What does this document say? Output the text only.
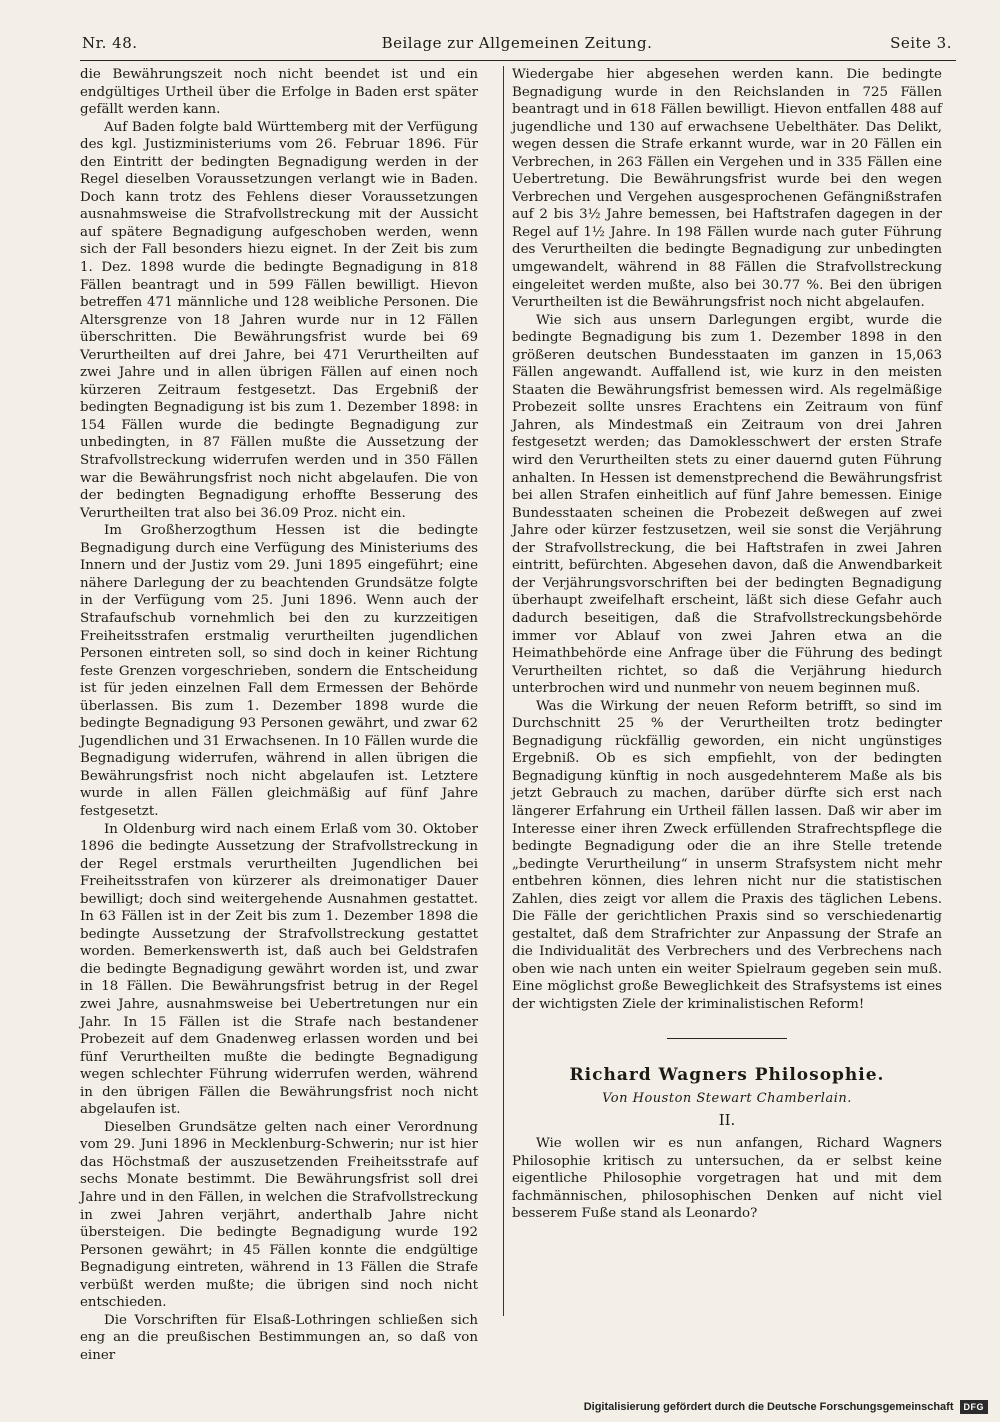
Nr. 48.	Beilage zur Allgemeinen Zeitung.	Seite 3.

die Bewährungszeit noch nicht beendet ist und ein endgültiges Urtheil über die Erfolge in Baden erst später gefällt werden kann.

Auf Baden folgte bald Württemberg mit der Verfügung des kgl. Justizministeriums vom 26. Februar 1896. Für den Eintritt der bedingten Begnadigung werden in der Regel dieselben Voraussetzungen verlangt wie in Baden. Doch kann trotz des Fehlens dieser Voraussetzungen ausnahmsweise die Strafvollstreckung mit der Aussicht auf spätere Begnadigung aufgeschoben werden, wenn sich der Fall besonders hiezu eignet. In der Zeit bis zum 1. Dez. 1898 wurde die bedingte Begnadigung in 818 Fällen beantragt und in 599 Fällen bewilligt. Hievon betreffen 471 männliche und 128 weibliche Personen. Die Altersgrenze von 18 Jahren wurde nur in 12 Fällen überschritten. Die Bewährungsfrist wurde bei 69 Verurtheilten auf drei Jahre, bei 471 Verurtheilten auf zwei Jahre und in allen übrigen Fällen auf einen noch kürzeren Zeitraum festgesetzt. Das Ergebniß der bedingten Begnadigung ist bis zum 1. Dezember 1898: in 154 Fällen wurde die bedingte Begnadigung zur unbedingten, in 87 Fällen mußte die Aussetzung der Strafvollstreckung widerrufen werden und in 350 Fällen war die Bewährungsfrist noch nicht abgelaufen. Die von der bedingten Begnadigung erhoffte Besserung des Verurtheilten trat also bei 36.09 Proz. nicht ein.

Im Großherzogthum Hessen ist die bedingte Begnadigung durch eine Verfügung des Ministeriums des Innern und der Justiz vom 29. Juni 1895 eingeführt; eine nähere Darlegung der zu beachtenden Grundsätze folgte in der Verfügung vom 25. Juni 1896. Wenn auch der Strafaufschub vornehmlich bei den zu kurzzeitigen Freiheitsstrafen erstmalig verurtheilten jugendlichen Personen eintreten soll, so sind doch in keiner Richtung feste Grenzen vorgeschrieben, sondern die Entscheidung ist für jeden einzelnen Fall dem Ermessen der Behörde überlassen. Bis zum 1. Dezember 1898 wurde die bedingte Begnadigung 93 Personen gewährt, und zwar 62 Jugendlichen und 31 Erwachsenen. In 10 Fällen wurde die Begnadigung widerrufen, während in allen übrigen die Bewährungsfrist noch nicht abgelaufen ist. Letztere wurde in allen Fällen gleichmäßig auf fünf Jahre festgesetzt.

In Oldenburg wird nach einem Erlaß vom 30. Oktober 1896 die bedingte Aussetzung der Strafvollstreckung in der Regel erstmals verurtheilten Jugendlichen bei Freiheitsstrafen von kürzerer als dreimonatiger Dauer bewilligt; doch sind weitergehende Ausnahmen gestattet. In 63 Fällen ist in der Zeit bis zum 1. Dezember 1898 die bedingte Aussetzung der Strafvollstreckung gestattet worden. Bemerkenswerth ist, daß auch bei Geldstrafen die bedingte Begnadigung gewährt worden ist, und zwar in 18 Fällen. Die Bewährungsfrist betrug in der Regel zwei Jahre, ausnahmsweise bei Uebertretungen nur ein Jahr. In 15 Fällen ist die Strafe nach bestandener Probezeit auf dem Gnadenweg erlassen worden und bei fünf Verurtheilten mußte die bedingte Begnadigung wegen schlechter Führung widerrufen werden, während in den übrigen Fällen die Bewährungsfrist noch nicht abgelaufen ist.

Dieselben Grundsätze gelten nach einer Verordnung vom 29. Juni 1896 in Mecklenburg-Schwerin; nur ist hier das Höchstmaß der auszusetzenden Freiheitsstrafe auf sechs Monate bestimmt. Die Bewährungsfrist soll drei Jahre und in den Fällen, in welchen die Strafvollstreckung in zwei Jahren verjährt, anderthalb Jahre nicht übersteigen. Die bedingte Begnadigung wurde 192 Personen gewährt; in 45 Fällen konnte die endgültige Begnadigung eintreten, während in 13 Fällen die Strafe verbüßt werden mußte; die übrigen sind noch nicht entschieden.

Die Vorschriften für Elsaß-Lothringen schließen sich eng an die preußischen Bestimmungen an, so daß von einer

Wiedergabe hier abgesehen werden kann. Die bedingte Begnadigung wurde in den Reichslanden in 725 Fällen beantragt und in 618 Fällen bewilligt. Hievon entfallen 488 auf jugendliche und 130 auf erwachsene Uebelthäter. Das Delikt, wegen dessen die Strafe erkannt wurde, war in 20 Fällen ein Verbrechen, in 263 Fällen ein Vergehen und in 335 Fällen eine Uebertretung. Die Bewährungsfrist wurde bei den wegen Verbrechen und Vergehen ausgesprochenen Gefängnißstrafen auf 2 bis 3½ Jahre bemessen, bei Haftstrafen dagegen in der Regel auf 1½ Jahre. In 198 Fällen wurde nach guter Führung des Verurtheilten die bedingte Begnadigung zur unbedingten umgewandelt, während in 88 Fällen die Strafvollstreckung eingeleitet werden mußte, also bei 30.77 %. Bei den übrigen Verurtheilten ist die Bewährungsfrist noch nicht abgelaufen.

Wie sich aus unsern Darlegungen ergibt, wurde die bedingte Begnadigung bis zum 1. Dezember 1898 in den größeren deutschen Bundesstaaten im ganzen in 15,063 Fällen angewandt. Auffallend ist, wie kurz in den meisten Staaten die Bewährungsfrist bemessen wird. Als regelmäßige Probezeit sollte unsres Erachtens ein Zeitraum von fünf Jahren, als Mindestmaß ein Zeitraum von drei Jahren festgesetzt werden; das Damoklesschwert der ersten Strafe wird den Verurtheilten stets zu einer dauernd guten Führung anhalten. In Hessen ist demenstprechend die Bewährungsfrist bei allen Strafen einheitlich auf fünf Jahre bemessen. Einige Bundesstaaten scheinen die Probezeit deßwegen auf zwei Jahre oder kürzer festzusetzen, weil sie sonst die Verjährung der Strafvollstreckung, die bei Haftstrafen in zwei Jahren eintritt, befürchten. Abgesehen davon, daß die Anwendbarkeit der Verjährungsvorschriften bei der bedingten Begnadigung überhaupt zweifelhaft erscheint, läßt sich diese Gefahr auch dadurch beseitigen, daß die Strafvollstreckungsbehörde immer vor Ablauf von zwei Jahren etwa an die Heimathbehörde eine Anfrage über die Führung des bedingt Verurtheilten richtet, so daß die Verjährung hiedurch unterbrochen wird und nunmehr von neuem beginnen muß.

Was die Wirkung der neuen Reform betrifft, so sind im Durchschnitt 25 % der Verurtheilten trotz bedingter Begnadigung rückfällig geworden, ein nicht ungünstiges Ergebniß. Ob es sich empfiehlt, von der bedingten Begnadigung künftig in noch ausgedehnterem Maße als bis jetzt Gebrauch zu machen, darüber dürfte sich erst nach längerer Erfahrung ein Urtheil fällen lassen. Daß wir aber im Interesse einer ihren Zweck erfüllenden Strafrechtspflege die bedingte Begnadigung oder die an ihre Stelle tretende „bedingte Verurtheilung“ in unserm Strafsystem nicht mehr entbehren können, dies lehren nicht nur die statistischen Zahlen, dies zeigt vor allem die Praxis des täglichen Lebens. Die Fälle der gerichtlichen Praxis sind so verschiedenartig gestaltet, daß dem Strafrichter zur Anpassung der Strafe an die Individualität des Verbrechers und des Verbrechens nach oben wie nach unten ein weiter Spielraum gegeben sein muß. Eine möglichst große Beweglichkeit des Strafsystems ist eines der wichtigsten Ziele der kriminalistischen Reform!

Richard Wagners Philosophie.
Von Houston Stewart Chamberlain.
II.

Wie wollen wir es nun anfangen, Richard Wagners Philosophie kritisch zu untersuchen, da er selbst keine eigentliche Philosophie vorgetragen hat und mit dem fachmännischen, philosophischen Denken auf nicht viel besserem Fuße stand als Leonardo?

Digitalisierung gefördert durch die Deutsche Forschungsgemeinschaft	DFG
